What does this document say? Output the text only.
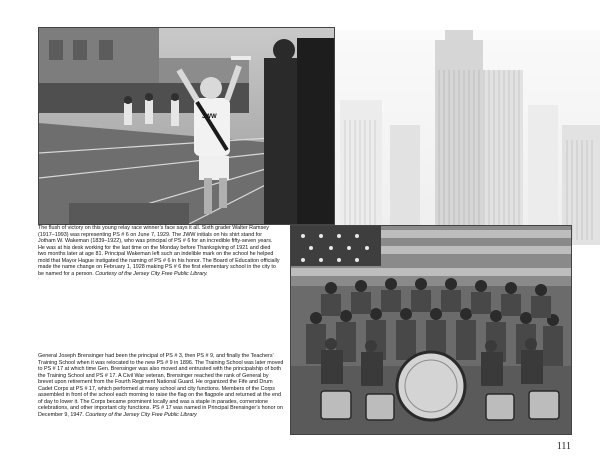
JWW

The flush of victory on this young relay race winner’s face says it all. Sixth grader Walter Ramsey (1917–1993) was representing PS # 6 on June 7, 1929. The JWW initials on his shirt stand for Jotham W. Wakeman (1839–1922), who was principal of PS # 6 for an incredible fifty-seven years. He was at his desk working for the last time on the Monday before Thanksgiving of 1921 and died two months later at age 81. Principal Wakeman left such an indelible mark on the school he helped mold that Mayor Hague instigated the naming of PS # 6 in his honor. The Board of Education officially made the name change on February 1, 1928 making PS # 6 the first elementary school in the city to be named for a person. Courtesy of the Jersey City Free Public Library.

General Joseph Brensinger had been the principal of PS # 3, then PS # 9, and finally the Teachers’ Training School when it was relocated to the new PS # 9 in 1896. The Training School was later moved to PS # 17 at which time Gen. Brensinger was also moved and entrusted with the principalship of both the Training School and PS # 17. A Civil War veteran, Brensinger reached the rank of General by brevet upon retirement from the Fourth Regiment National Guard. He organized the Fife and Drum Cadet Corps at PS # 17, which performed at many school and city functions. Members of the Corps assembled in front of the school each morning to raise the flag on the flagpole and returned at the end of day to lower it. The Corps became prominent locally and was a staple in parades, cornerstone celebrations, and other important city functions. PS # 17 was named in Principal Brensinger’s honor on December 9, 1947. Courtesy of the Jersey City Free Public Library

111
